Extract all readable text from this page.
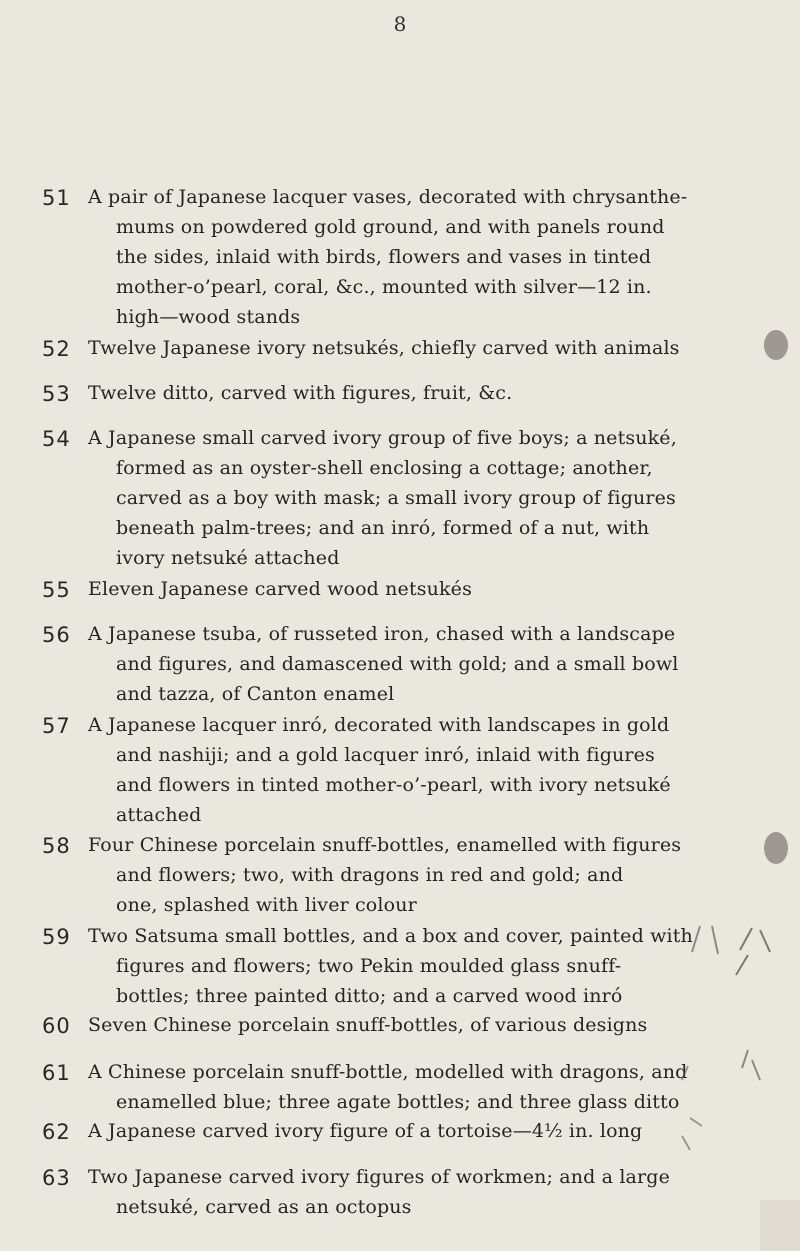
8
51 A pair of Japanese lacquer vases, decorated with chrysanthe-
mums on powdered gold ground, and with panels round
the sides, inlaid with birds, flowers and vases in tinted
mother-o’pearl, coral, &c., mounted with silver—12 in.
high—wood stands
52 Twelve Japanese ivory netsukés, chiefly carved with animals
53 Twelve ditto, carved with figures, fruit, &c.
54 A Japanese small carved ivory group of five boys; a netsuké,
formed as an oyster-shell enclosing a cottage; another,
carved as a boy with mask; a small ivory group of figures
beneath palm-trees; and an inró, formed of a nut, with
ivory netsuké attached
55 Eleven Japanese carved wood netsukés
56 A Japanese tsuba, of russeted iron, chased with a landscape
and figures, and damascened with gold; and a small bowl
and tazza, of Canton enamel
57 A Japanese lacquer inró, decorated with landscapes in gold
and nashiji; and a gold lacquer inró, inlaid with figures
and flowers in tinted mother-o’-pearl, with ivory netsuké
attached
58 Four Chinese porcelain snuff-bottles, enamelled with figures
and flowers; two, with dragons in red and gold; and
one, splashed with liver colour
59 Two Satsuma small bottles, and a box and cover, painted with
figures and flowers; two Pekin moulded glass snuff-
bottles; three painted ditto; and a carved wood inró
60 Seven Chinese porcelain snuff-bottles, of various designs
61 A Chinese porcelain snuff-bottle, modelled with dragons, and
enamelled blue; three agate bottles; and three glass ditto
62 A Japanese carved ivory figure of a tortoise—4½ in. long
63 Two Japanese carved ivory figures of workmen; and a large
netsuké, carved as an octopus
